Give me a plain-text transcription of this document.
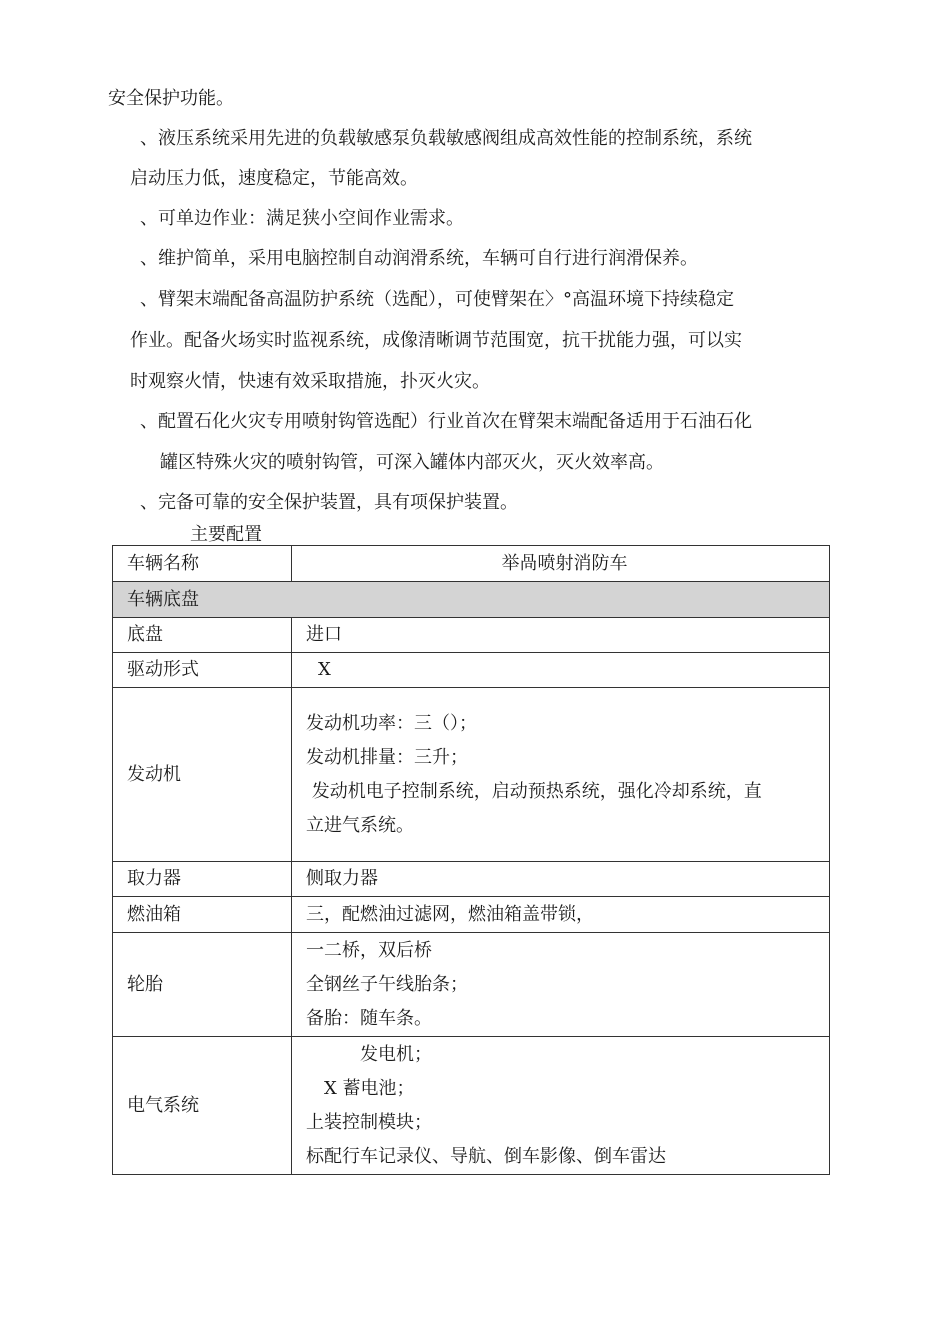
安全保护功能。
、液压系统采用先进的负载敏感泵负载敏感阀组成高效性能的控制系统，系统
启动压力低，速度稳定，节能高效。
、可单边作业：满足狭小空间作业需求。
、维护简单，采用电脑控制自动润滑系统，车辆可自行进行润滑保养。
、臂架末端配备高温防护系统（选配），可使臂架在〉°高温环境下持续稳定
作业。配备火场实时监视系统，成像清晰调节范围宽，抗干扰能力强，可以实
时观察火情，快速有效采取措施，扑灭火灾。
、配置石化火灾专用喷射钩管选配）行业首次在臂架末端配备适用于石油石化
罐区特殊火灾的喷射钩管，可深入罐体内部灭火，灭火效率高。
、完备可靠的安全保护装置，具有项保护装置。
主要配置
车辆名称	举咼喷射消防车
车辆底盘	
底盘	进口

驱动形式	X

发动机	发动机功率：三（）；
发动机排量：三升；
发动机电子控制系统，启动预热系统，强化冷却系统，直
立进气系统。

取力器	侧取力器

燃油箱	三，配燃油过滤网，燃油箱盖带锁，

轮胎	一二桥，双后桥
全钢丝子午线胎条；
备胎：随车条。

电气系统	发电机；
X 蓄电池；
上装控制模块；
标配行车记录仪、导航、倒车影像、倒车雷达
